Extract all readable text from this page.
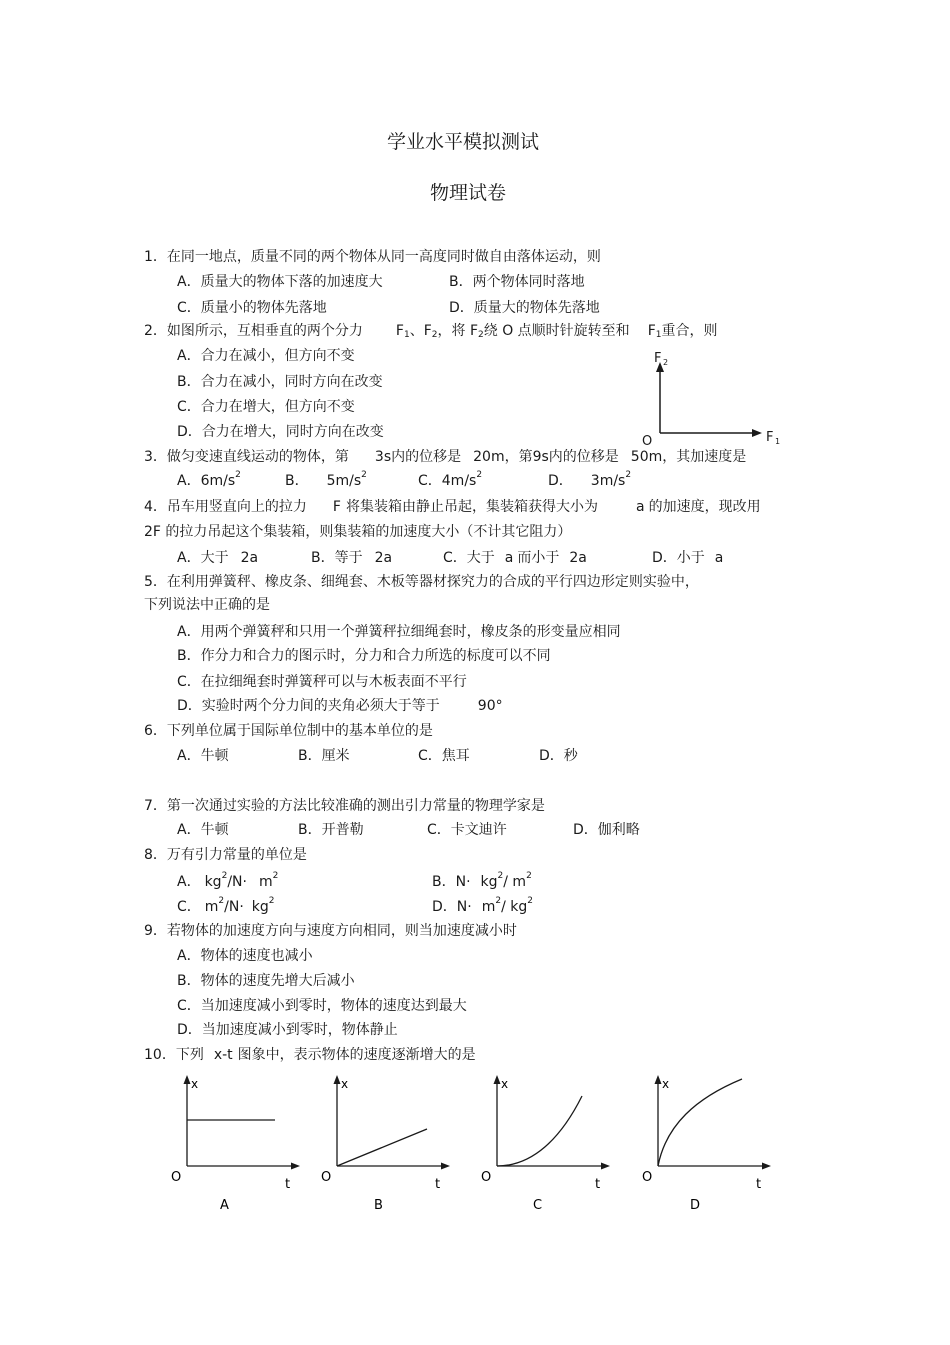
学业水平模拟测试
物理试卷
1．在同一地点，质量不同的两个物体从同一高度同时做自由落体运动，则
A．质量大的物体下落的加速度大	B．两个物体同时落地
C．质量小的物体先落地	D．质量大的物体先落地
2．如图所示，互相垂直的两个分力 $F_1$、$F_2$，将 $F_2$绕 O 点顺时针旋转至和 $F_1$重合，则
A．合力在减小，但方向不变
B．合力在减小，同时方向在改变
C．合力在增大，但方向不变
D．合力在增大，同时方向在改变
F 2
F 1
O
3．做匀变速直线运动的物体，第 3s内的位移是 20m，第9s内的位移是 50m，其加速度是
A．$6m/s^2$	B． $5m/s^2$	C．$4m/s^2$	D． $3m/s^2$
4．吊车用竖直向上的拉力 F 将集装箱由静止吊起，集装箱获得大小为	a 的加速度，现改用
2F 的拉力吊起这个集装箱，则集装箱的加速度大小（不计其它阻力）
A．大于 2a	B．等于 2a	C．大于 a 而小于 2a	D．小于 a
5．在利用弹簧秤、橡皮条、细绳套、木板等器材探究力的合成的平行四边形定则实验中，
下列说法中正确的是
A．用两个弹簧秤和只用一个弹簧秤拉细绳套时，橡皮条的形变量应相同
B．作分力和合力的图示时，分力和合力所选的标度可以不同
C．在拉细绳套时弹簧秤可以与木板表面不平行
D．实验时两个分力间的夹角必须大于等于	90°
6．下列单位属于国际单位制中的基本单位的是
A．牛顿	B．厘米	C．焦耳	D．秒
7．第一次通过实验的方法比较准确的测出引力常量的物理学家是
A．牛顿	B．开普勒	C．卡文迪许	D．伽利略
8．万有引力常量的单位是
A． $kg^2/N\cdot m^2$	B．$N\cdot kg^2/$ $m^2$
C． $m^2/N\cdot kg^2$	D．$N\cdot m^2/$ $kg^2$
9．若物体的加速度方向与速度方向相同，则当加速度减小时
A．物体的速度也减小
B．物体的速度先增大后减小
C．当加速度减小到零时，物体的速度达到最大
D．当加速度减小到零时，物体静止
10．下列 x-t 图象中，表示物体的速度逐渐增大的是
x
O	t
A
x
O	t
B
x
O	t
C
x
O	t
D
